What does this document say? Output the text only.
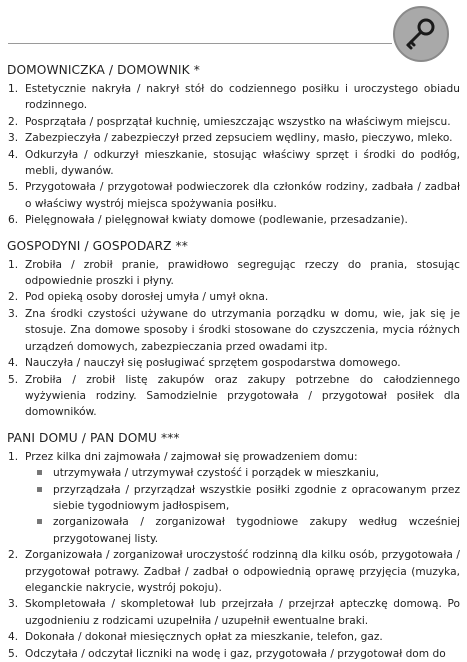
DOMOWNICZKA / DOMOWNIK *
1. Estetycznie nakryła / nakrył stół do codziennego posiłku i uroczystego obiadu rodzinnego.
2. Posprzątała / posprzątał kuchnię, umieszczając wszystko na właściwym miejscu.
3. Zabezpieczyła / zabezpieczył przed zepsuciem wędliny, masło, pieczywo, mleko.
4. Odkurzyła / odkurzył mieszkanie, stosując właściwy sprzęt i środki do podłóg, mebli, dywanów.
5. Przygotowała / przygotował podwieczorek dla członków rodziny, zadbała / zadbał o właściwy wystrój miejsca spożywania posiłku.
6. Pielęgnowała / pielęgnował kwiaty domowe (podlewanie, przesadzanie).
GOSPODYNI / GOSPODARZ **
1. Zrobiła / zrobił pranie, prawidłowo segregując rzeczy do prania, stosując odpowiednie proszki i płyny.
2. Pod opieką osoby dorosłej umyła / umył okna.
3. Zna środki czystości używane do utrzymania porządku w domu, wie, jak się je stosuje. Zna domowe sposoby i środki stosowane do czyszczenia, mycia różnych urządzeń domowych, zabezpieczania przed owadami itp.
4. Nauczyła / nauczył się posługiwać sprzętem gospodarstwa domowego.
5. Zrobiła / zrobił listę zakupów oraz zakupy potrzebne do całodziennego wyżywienia rodziny. Samodzielnie przygotowała / przygotował posiłek dla domowników.
PANI DOMU / PAN DOMU ***
1. Przez kilka dni zajmowała / zajmował się prowadzeniem domu:
utrzymywała / utrzymywał czystość i porządek w mieszkaniu,
przyrządzała / przyrządzał wszystkie posiłki zgodnie z opracowanym przez siebie tygodniowym jadłospisem,
zorganizowała / zorganizował tygodniowe zakupy według wcześniej przygotowanej listy.
2. Zorganizowała / zorganizował uroczystość rodzinną dla kilku osób, przygotowała / przygotował potrawy. Zadbał / zadbał o odpowiednią oprawę przyjęcia (muzyka, eleganckie nakrycie, wystrój pokoju).
3. Skompletowała / skompletował lub przejrzała / przejrzał apteczkę domową. Po uzgodnieniu z rodzicami uzupełniła / uzupełnił ewentualne braki.
4. Dokonała / dokonał miesięcznych opłat za mieszkanie, telefon, gaz.
5. Odczytała / odczytał liczniki na wodę i gaz, przygotowała / przygotował dom do
